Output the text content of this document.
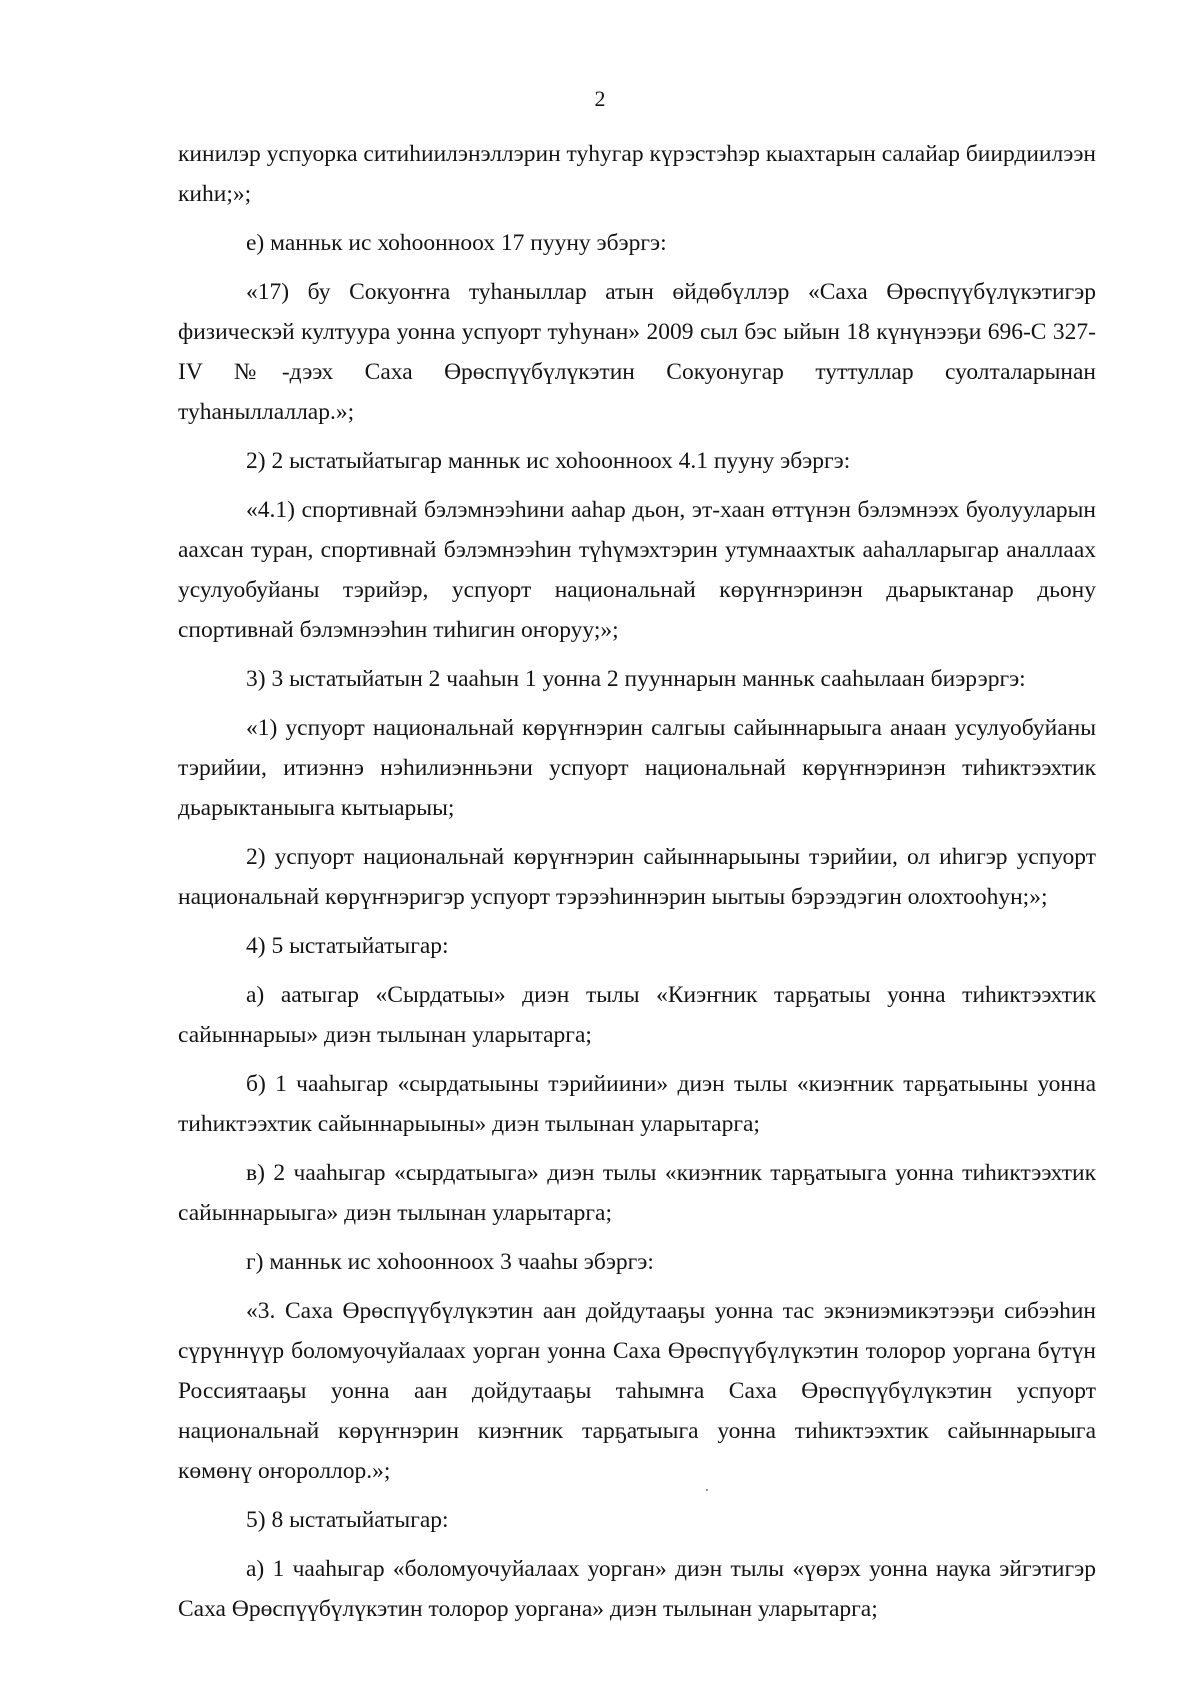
2

кинилэр успуорка ситиһиилэнэллэрин туһугар күрэстэһэр кыахтарын салайар биирдиилээн киһи;»;

е) манньк ис хоһоонноох 17 пууну эбэргэ:

«17) бу Сокуоҥҥа туһаныллар атын өйдөбүллэр «Саха Өрөспүүбүлүкэтигэр физическэй култуура уонна успуорт туһунан» 2009 сыл бэс ыйын 18 күнүнээҕи 696-С 327-IV №-дээх Саха Өрөспүүбүлүкэтин Сокуонугар туттуллар суолталарынан туһаныллаллар.»;

2) 2 ыстатыйатыгар манньк ис хоһоонноох 4.1 пууну эбэргэ:

«4.1) спортивнай бэлэмнээһини ааһар дьон, эт-хаан өттүнэн бэлэмнээх буолууларын аахсан туран, спортивнай бэлэмнээһин түһүмэхтэрин утумнаахтык ааһалларыгар аналлаах усулуобуйаны тэрийэр, успуорт национальнай көрүҥнэринэн дьарыктанар дьону спортивнай бэлэмнээһин тиһигин оҥоруу;»;

3) 3 ыстатыйатын 2 чааһын 1 уонна 2 пууннарын манньк сааһылаан биэрэргэ:

«1) успуорт национальнай көрүҥнэрин салгыы сайыннарыыга анаан усулуобуйаны тэрийии, итиэннэ нэһилиэнньэни успуорт национальнай көрүҥнэринэн тиһиктээхтик дьарыктаныыга кытыарыы;

2) успуорт национальнай көрүҥнэрин сайыннарыыны тэрийии, ол иһигэр успуорт национальнай көрүҥнэригэр успуорт тэрээһиннэрин ыытыы бэрээдэгин олохтооһун;»;

4) 5 ыстатыйатыгар:

а) аатыгар «Сырдатыы» диэн тылы «Киэҥник тарҕатыы уонна тиһиктээхтик сайыннарыы» диэн тылынан уларытарга;

б) 1 чааһыгар «сырдатыыны тэрийиини» диэн тылы «киэҥник тарҕатыыны уонна тиһиктээхтик сайыннарыыны» диэн тылынан уларытарга;

в) 2 чааһыгар «сырдатыыга» диэн тылы «киэҥник тарҕатыыга уонна тиһиктээхтик сайыннарыыга» диэн тылынан уларытарга;

г) манньк ис хоһоонноох 3 чааһы эбэргэ:

«3. Саха Өрөспүүбүлүкэтин аан дойдутааҕы уонна тас экэниэмикэтээҕи сибээһин сүрүннүүр боломуочуйалаах уорган уонна Саха Өрөспүүбүлүкэтин толорор уоргана бүтүн Россиятааҕы уонна аан дойдутааҕы таһымҥа Саха Өрөспүүбүлүкэтин успуорт национальнай көрүҥнэрин киэҥник тарҕатыыга уонна тиһиктээхтик сайыннарыыга көмөнү оҥороллор.»;

5) 8 ыстатыйатыгар:

а) 1 чааһыгар «боломуочуйалаах уорган» диэн тылы «үөрэх уонна наука эйгэтигэр Саха Өрөспүүбүлүкэтин толорор уоргана» диэн тылынан уларытарга;
